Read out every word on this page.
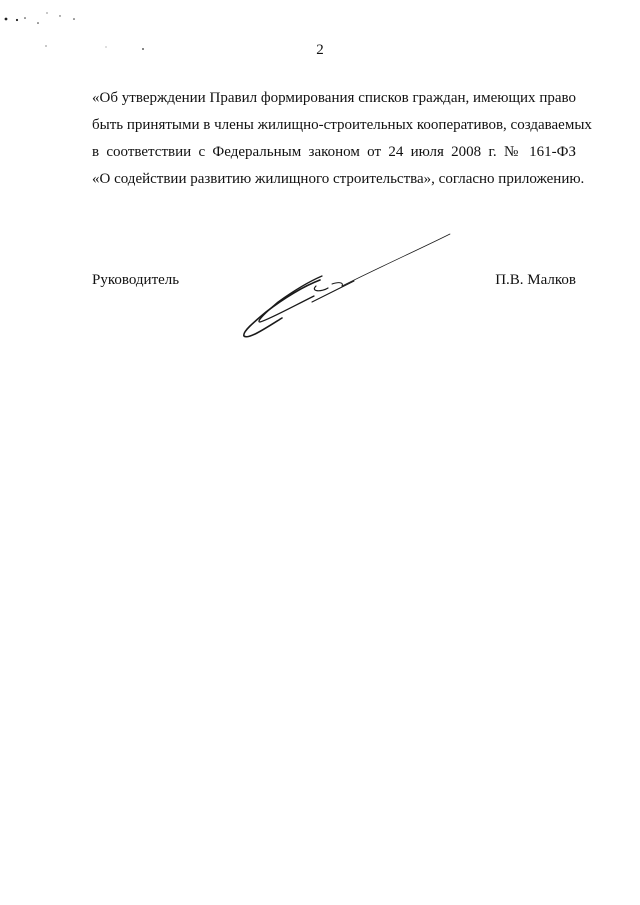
2
«Об утверждении Правил формирования списков граждан, имеющих право
быть принятыми в члены жилищно-строительных кооперативов, создаваемых
в соответствии с Федеральным законом от 24 июля 2008 г. № 161-ФЗ
«О содействии развитию жилищного строительства», согласно приложению.
Руководитель	П.В. Малков
